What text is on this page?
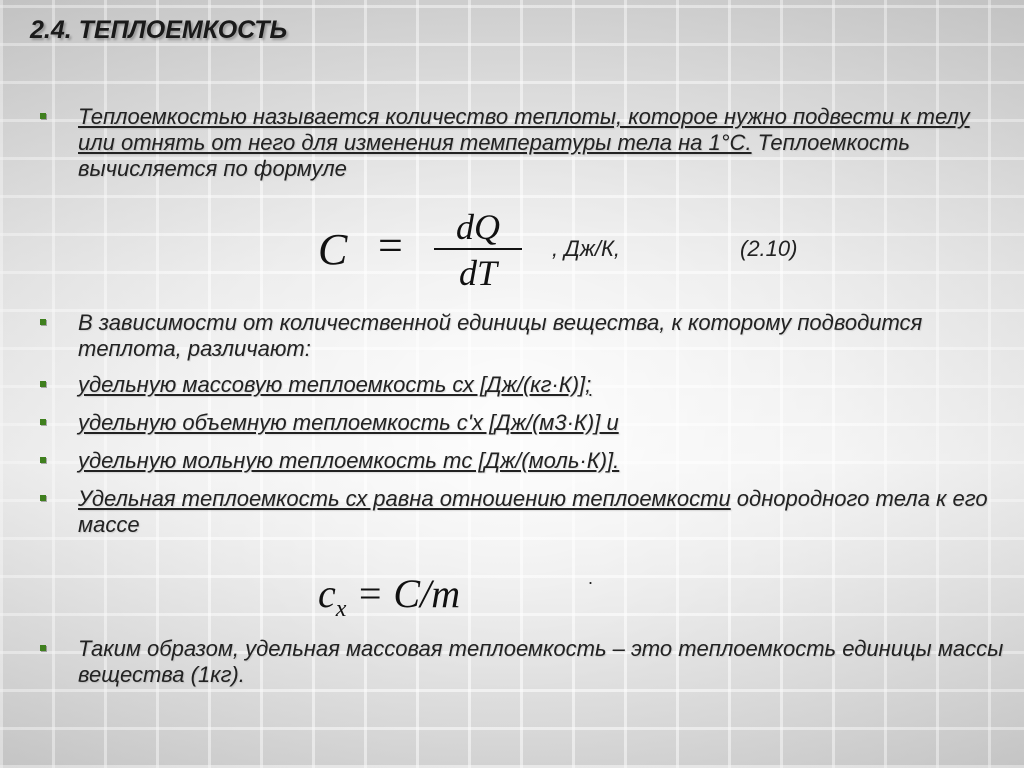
2.4. ТЕПЛОЕМКОСТЬ
Теплоемкостью называется количество теплоты, которое нужно подвести к телу или отнять от него для изменения температуры тела на 1°С. Теплоемкость вычисляется по формуле
C =	dQ
dT
, Дж/К,	(2.10)
В зависимости от количественной единицы вещества, к которому подводится теплота, различают:
удельную массовую теплоемкость сх [Дж/(кг·К)];
удельную объемную теплоемкость с'х [Дж/(м3·К)] и
удельную мольную теплоемкость mс [Дж/(моль·К)].
Удельная теплоемкость сх равна отношению теплоемкости однородного тела к его массе
$c_x = C/m$	.
Таким образом, удельная массовая теплоемкость – это теплоемкость единицы массы вещества (1кг).
